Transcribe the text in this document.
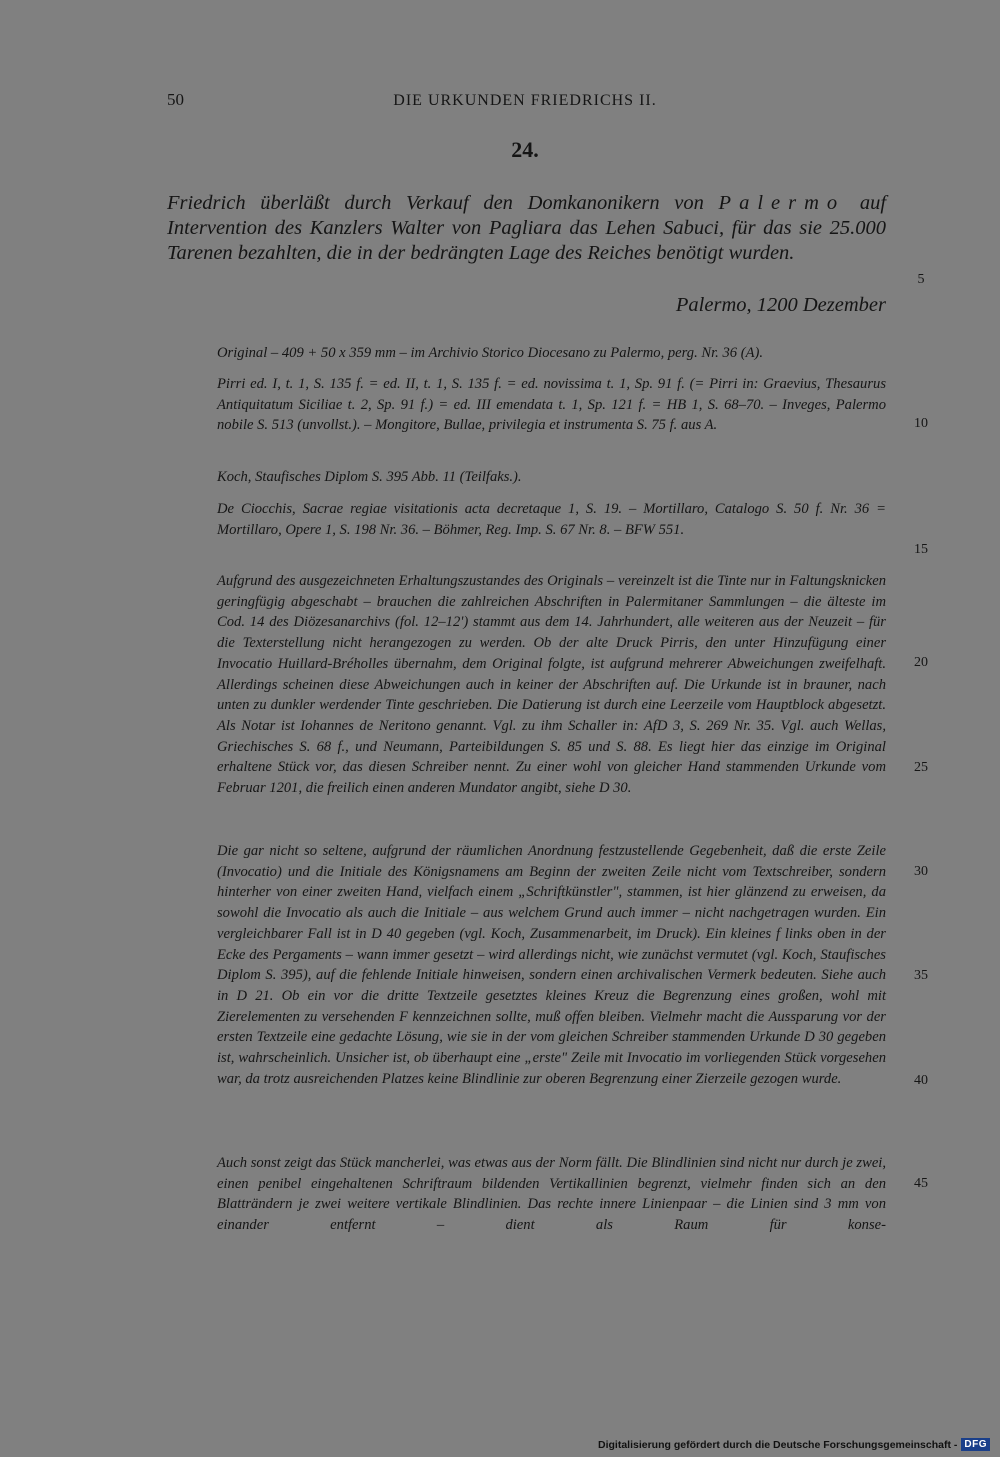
50	DIE URKUNDEN FRIEDRICHS II.
24.

Friedrich überläßt durch Verkauf den Domkanonikern von Palermo auf Intervention des Kanzlers Walter von Pagliara das Lehen Sabuci, für das sie 25.000 Tarenen bezahlten, die in der bedrängten Lage des Reiches benötigt wurden.

Palermo, 1200 Dezember

Original – 409 + 50 x 359 mm – im Archivio Storico Diocesano zu Palermo, perg. Nr. 36 (A).

Pirri ed. I, t. 1, S. 135 f. = ed. II, t. 1, S. 135 f. = ed. novissima t. 1, Sp. 91 f. (= Pirri in: Graevius, Thesaurus Antiquitatum Siciliae t. 2, Sp. 91 f.) = ed. III emendata t. 1, Sp. 121 f. = HB 1, S. 68–70. – Inveges, Palermo nobile S. 513 (unvollst.). – Mongitore, Bullae, privilegia et instrumenta S. 75 f. aus A.

Koch, Staufisches Diplom S. 395 Abb. 11 (Teilfaks.).

De Ciocchis, Sacrae regiae visitationis acta decretaque 1, S. 19. – Mortillaro, Catalogo S. 50 f. Nr. 36 = Mortillaro, Opere 1, S. 198 Nr. 36. – Böhmer, Reg. Imp. S. 67 Nr. 8. – BFW 551.

Aufgrund des ausgezeichneten Erhaltungszustandes des Originals – vereinzelt ist die Tinte nur in Faltungsknicken geringfügig abgeschabt – brauchen die zahlreichen Abschriften in Palermitaner Sammlungen – die älteste im Cod. 14 des Diözesanarchivs (fol. 12–12') stammt aus dem 14. Jahrhundert, alle weiteren aus der Neuzeit – für die Texterstellung nicht herangezogen zu werden. Ob der alte Druck Pirris, den unter Hinzufügung einer Invocatio Huillard-Bréholles übernahm, dem Original folgte, ist aufgrund mehrerer Abweichungen zweifelhaft. Allerdings scheinen diese Abweichungen auch in keiner der Abschriften auf. Die Urkunde ist in brauner, nach unten zu dunkler werdender Tinte geschrieben. Die Datierung ist durch eine Leerzeile vom Hauptblock abgesetzt. Als Notar ist Iohannes de Neritono genannt. Vgl. zu ihm Schaller in: AfD 3, S. 269 Nr. 35. Vgl. auch Wellas, Griechisches S. 68 f., und Neumann, Parteibildungen S. 85 und S. 88. Es liegt hier das einzige im Original erhaltene Stück vor, das diesen Schreiber nennt. Zu einer wohl von gleicher Hand stammenden Urkunde vom Februar 1201, die freilich einen anderen Mundator angibt, siehe D 30.

Die gar nicht so seltene, aufgrund der räumlichen Anordnung festzustellende Gegebenheit, daß die erste Zeile (Invocatio) und die Initiale des Königsnamens am Beginn der zweiten Zeile nicht vom Textschreiber, sondern hinterher von einer zweiten Hand, vielfach einem „Schriftkünstler", stammen, ist hier glänzend zu erweisen, da sowohl die Invocatio als auch die Initiale – aus welchem Grund auch immer – nicht nachgetragen wurden. Ein vergleichbarer Fall ist in D 40 gegeben (vgl. Koch, Zusammenarbeit, im Druck). Ein kleines f links oben in der Ecke des Pergaments – wann immer gesetzt – wird allerdings nicht, wie zunächst vermutet (vgl. Koch, Staufisches Diplom S. 395), auf die fehlende Initiale hinweisen, sondern einen archivalischen Vermerk bedeuten. Siehe auch in D 21. Ob ein vor die dritte Textzeile gesetztes kleines Kreuz die Begrenzung eines großen, wohl mit Zierelementen zu versehenden F kennzeichnen sollte, muß offen bleiben. Vielmehr macht die Aussparung vor der ersten Textzeile eine gedachte Lösung, wie sie in der vom gleichen Schreiber stammenden Urkunde D 30 gegeben ist, wahrscheinlich. Unsicher ist, ob überhaupt eine „erste" Zeile mit Invocatio im vorliegenden Stück vorgesehen war, da trotz ausreichenden Platzes keine Blindlinie zur oberen Begrenzung einer Zierzeile gezogen wurde.

Auch sonst zeigt das Stück mancherlei, was etwas aus der Norm fällt. Die Blindlinien sind nicht nur durch je zwei, einen penibel eingehaltenen Schriftraum bildenden Vertikallinien begrenzt, vielmehr finden sich an den Blatträndern je zwei weitere vertikale Blindlinien. Das rechte innere Linienpaar – die Linien sind 3 mm von einander entfernt – dient als Raum für konse-

5
10
15
20
25
30
35
40
45
Digitalisierung gefördert durch die Deutsche Forschungsgemeinschaft - DFG
